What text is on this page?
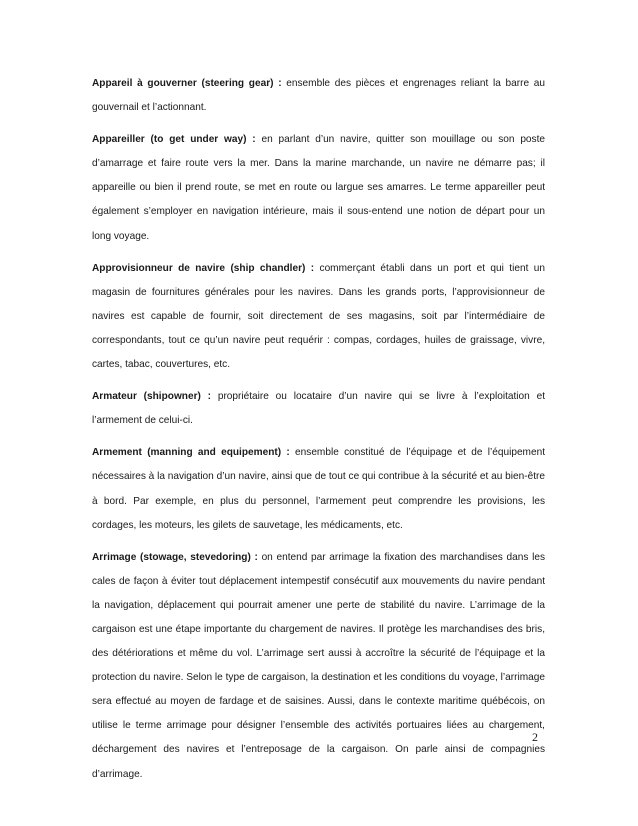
Appareil à gouverner (steering gear) : ensemble des pièces et engrenages reliant la barre au gouvernail et l’actionnant.

Appareiller (to get under way) : en parlant d’un navire, quitter son mouillage ou son poste d’amarrage et faire route vers la mer. Dans la marine marchande, un navire ne démarre pas; il appareille ou bien il prend route, se met en route ou largue ses amarres. Le terme appareiller peut également s’employer en navigation intérieure, mais il sous-entend une notion de départ pour un long voyage.

Approvisionneur de navire (ship chandler) : commerçant établi dans un port et qui tient un magasin de fournitures générales pour les navires. Dans les grands ports, l’approvisionneur de navires est capable de fournir, soit directement de ses magasins, soit par l’intermédiaire de correspondants, tout ce qu’un navire peut requérir : compas, cordages, huiles de graissage, vivre, cartes, tabac, couvertures, etc.

Armateur (shipowner) : propriétaire ou locataire d’un navire qui se livre à l’exploitation et l’armement de celui-ci.

Armement (manning and equipement) : ensemble constitué de l’équipage et de l’équipement nécessaires à la navigation d’un navire, ainsi que de tout ce qui contribue à la sécurité et au bien-être à bord. Par exemple, en plus du personnel, l’armement peut comprendre les provisions, les cordages, les moteurs, les gilets de sauvetage, les médicaments, etc.

Arrimage (stowage, stevedoring) : on entend par arrimage la fixation des marchandises dans les cales de façon à éviter tout déplacement intempestif consécutif aux mouvements du navire pendant la navigation, déplacement qui pourrait amener une perte de stabilité du navire. L’arrimage de la cargaison est une étape importante du chargement de navires. Il protège les marchandises des bris, des détériorations et même du vol. L’arrimage sert aussi à accroître la sécurité de l’équipage et la protection du navire. Selon le type de cargaison, la destination et les conditions du voyage, l’arrimage sera effectué au moyen de fardage et de saisines. Aussi, dans le contexte maritime québécois, on utilise le terme arrimage pour désigner l’ensemble des activités portuaires liées au chargement, déchargement des navires et l’entreposage de la cargaison. On parle ainsi de compagnies d’arrimage.

2
